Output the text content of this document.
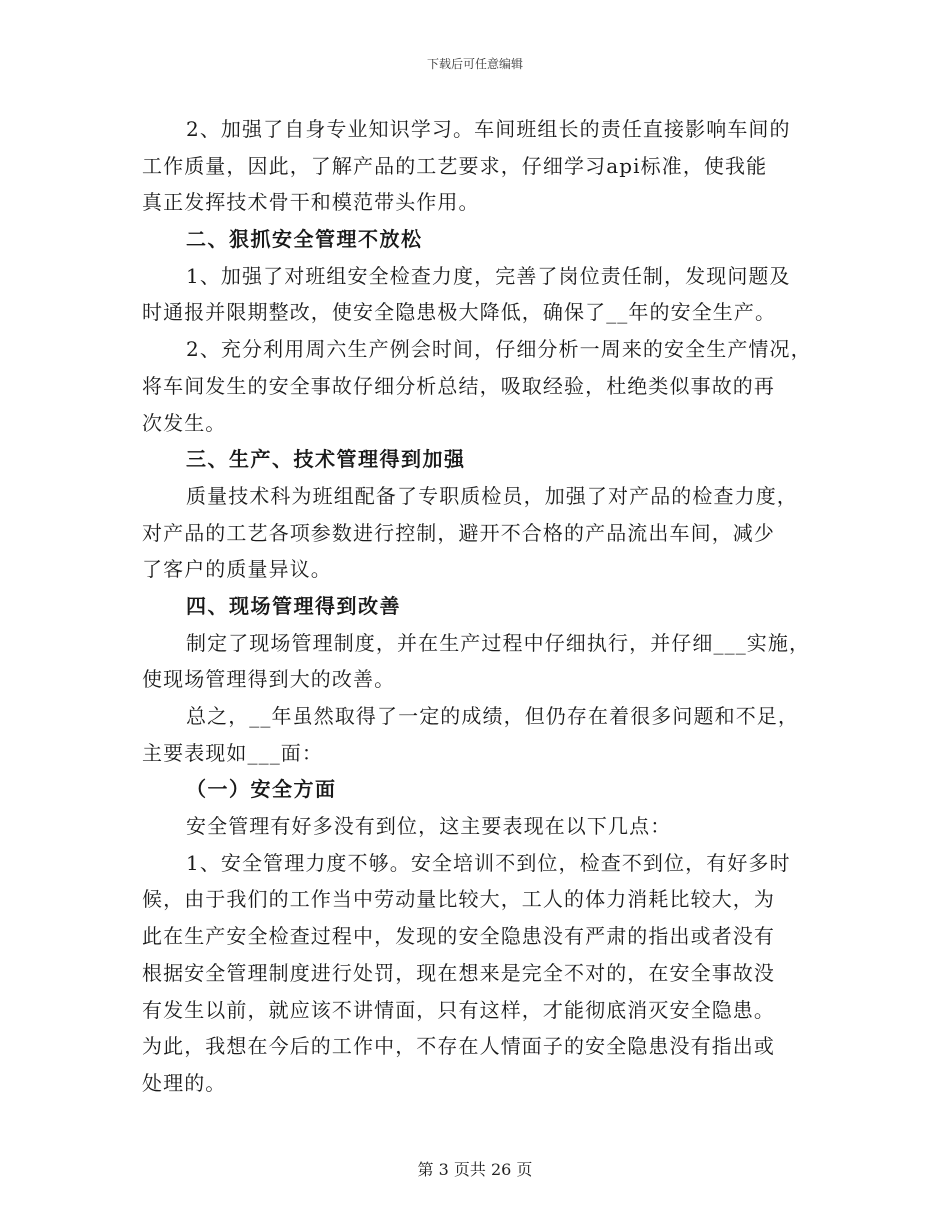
下载后可任意编辑
2、加强了自身专业知识学习。车间班组长的责任直接影响车间的
工作质量，因此，了解产品的工艺要求，仔细学习api标准，使我能
真正发挥技术骨干和模范带头作用。
二、狠抓安全管理不放松
1、加强了对班组安全检查力度，完善了岗位责任制，发现问题及
时通报并限期整改，使安全隐患极大降低，确保了__年的安全生产。
2、充分利用周六生产例会时间，仔细分析一周来的安全生产情况，
将车间发生的安全事故仔细分析总结，吸取经验，杜绝类似事故的再
次发生。
三、生产、技术管理得到加强
质量技术科为班组配备了专职质检员，加强了对产品的检查力度，
对产品的工艺各项参数进行控制，避开不合格的产品流出车间，减少
了客户的质量异议。
四、现场管理得到改善
制定了现场管理制度，并在生产过程中仔细执行，并仔细___实施，
使现场管理得到大的改善。
总之，__年虽然取得了一定的成绩，但仍存在着很多问题和不足，
主要表现如___面：
（一）安全方面
安全管理有好多没有到位，这主要表现在以下几点：
1、安全管理力度不够。安全培训不到位，检查不到位，有好多时
候，由于我们的工作当中劳动量比较大，工人的体力消耗比较大，为
此在生产安全检查过程中，发现的安全隐患没有严肃的指出或者没有
根据安全管理制度进行处罚，现在想来是完全不对的，在安全事故没
有发生以前，就应该不讲情面，只有这样，才能彻底消灭安全隐患。
为此，我想在今后的工作中，不存在人情面子的安全隐患没有指出或
处理的。
第 3 页共 26 页
